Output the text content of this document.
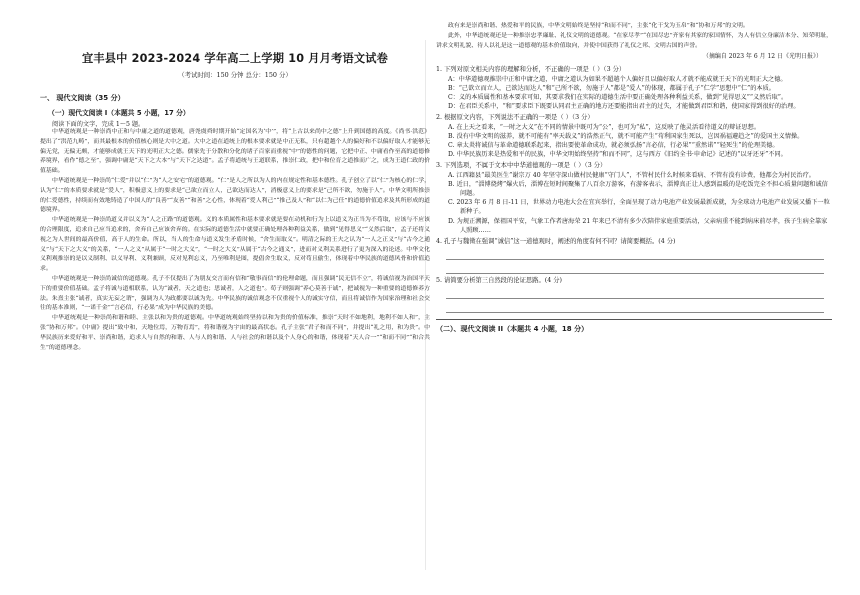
宜丰县中 2023-2024 学年高二上学期 10 月月考语文试卷
（考试时间：150 分钟 总分：150 分）
一、 现代文阅读（35 分）
（一）现代文阅读 I（本题共 5 小题，17 分）
阅读下面的文字，完成 1～5 题。

中华道统观是一种崇尚中正和与中庸之道的道德观，唐尧虞舜时期开始“定国名为‘中’”，将“上古以来尚中之德”上升到国德的高度。《尚书·洪范》提出了“洪范九畴”，而其最根本的价值核心则是大中之道。大中之道在道统上的根本要求就是中正无私，只有超越个人的偏好和不以偏好取人才能够无偏无党，无偏无颇，才能够成就王天下的光明正大之德。儒家先于分散和分化的诸子百家而重视“中”的德性的问题，它把中正、中庸看作至高的道德修养境界，看作“德之至”，强调中庸是“天下之大本”与“天下之达道”。孟子将道统与王道联系，推崇仁政，把中和位育之道推而广之，成为王道仁政的价值基础。

中华道统观是一种崇尚“仁爱”并以“仁”为“人之安宅”的道德观。“仁”是人之所以为人的内在规定性和基本德性。孔子创立了以“仁”为核心的仁学，认为“仁”的本质要求就是“爱人”，积极意义上的要求是“己欲立而立人，己欲达而达人”，消极意义上的要求是“己所不欲，勿施于人”。中华文明所推崇的仁爱德性，持续而有效地铸造了中国人的“良善”“友善”“和善”之心性，体现着“爱人利己”“推己及人”和“以仁为己任”的道德价值追求及其所形成的道德境界。

中华道统观是一种崇尚道义并以义为“人之正路”的道德观。义的本质属性和基本要求就是要在动机和行为上以道义为正当为不苟取，应该与不应该的合理限度，追求自己应当追求的，舍弃自己应该舍弃的。在实际的道德生活中就要正确处理各种利益关系，做到“见得思义”“义然后取”，孟子还将义视之为人世间的最高价值，高于人的生命。所以，当人的生命与道义发生矛盾时候，“舍生而取义”。明清之际的王夫之认为“一人之正义”与“古今之通义”与“天下之大义”的关系，“一人之义”从属于“一时之大义”，“一时之大义”从属于“古今之通义”，进而对义利关系进行了更为深入的论述。中华文化义利观推崇的是以义制利、以义导利、义利兼顾，反对见利忘义，乃至唯利是图，提倡舍生取义，反对苟且偷生，体现着中华民族的道德风骨和价值追求。

中华道统观是一种崇尚诚信的道德观。孔子不仅提出了为朋友交言而有信和“敬事而信”的伦理命题，而且强调“民无信不立”，将诚信视为治国平天下的重要价值基础。孟子将诚与道相联系，认为“诚者，天之道也；思诚者，人之道也”。荀子则强调“养心莫善于诚”，把诚视为一种重要的道德修养方法。朱熹主张“诚者，真实无妄之谓”，强调为人为政都要以诚为先。中华民族的诚信观念不仅重视个人的诚实守信，而且将诚信作为国家治理和社会交往的基本准则，“一诺千金”“言必信，行必果”成为中华民族的美德。

中华道统观是一种崇尚和谐和睦、主张以和为贵的道德观。中华道统观始终坚持以和为贵的价值标准，推崇“天时不如地利，地利不如人和”，主张“协和万邦”。《中庸》提出“致中和，天地位焉，万物育焉”，将和谐视为宇宙的最高状态。孔子主张“君子和而不同”，并提出“礼之用，和为贵”。中华民族历来爱好和平、崇尚和谐，追求人与自然的和谐、人与人的和谐、人与社会的和谐以及个人身心的和谐，体现着“天人合一”“和而不同”“和合共生”的道德理念。

政有来是崇尚和谐、热爱和平的民族，中华文明始终是坚持“和而不同”，主张“化干戈为玉帛”和“协和万邦”的文明。

此外，中华道统观还是一种推崇忠孝廉耻、礼仪文明的道德观。“在家尽孝”“在国尽忠”齐家有其家的家国情怀，为人有信立身廉洁本分、知荣明耻，讲求文明礼貌、待人以礼是这一道德观的基本价值取向，并使中国获得了礼仪之邦、文明古国的声誉。

（摘编自 2023 年 6 月 12 日《光明日报》）
1. 下列对原文相关内容的理解和分析，不正确的一项是（ ）（3 分）
A：中华道德观推崇中正和中庸之道，中庸之道认为如果不超越个人偏好且以偏好取人才就不能成就王天下的光明正大之德。
B：“己欲立而立人，己欲达而达人”和“己所不欲，勿施于人”都是“爱人”的体现，都属于孔子“仁学”思想中“仁”的本质。
C：义的本质属性和基本要求可知，其要求我们在实际的道德生活中要正确处理各种利益关系，做到“见得思义”“义然后取”。
D：在君臣关系中，“和”要求臣下既要认同君主正确的地方还要能指出君主的过失，才能做到君臣和谐，使国家得到很好的治理。
2. 根据原文内容，下列说法不正确的一项是（ ）（3 分）
A. 在上天之看来，“一时之大义”在不同的情景中既可为“公”，也可为“私”，这反映了他灵活看待道义的辩证思想。
B. 没有中华文明的滋养，就不可能有“率天载义”的浩然正气，就不可能产生“苟利国家生死以，岂因祸福避趋之”的爱国主义情操。
C. 章太炎将诚信与革命道德联系起来，指出要使革命成功，就必须弘扬“言必信，行必果”“重然诺”“轻死生”的伦理美德。
D. 中华民族历来是热爱和平的民族，中华文明始终坚持“和而不同”，这与西方《旧约全书·申命记》记述的“以牙还牙”不同。
3. 下列选项，不属于文本中中华道德观的一项是（ ）（3 分）
A. 江西籍县“最美医生”谢宗万 40 年坚守深山做村民健康“守门人”，不管村民什么时候来看病、不管有没有诊费，他都会为村民治疗。
B. 近日，“淄博烧烤”爆火后，淄博在短时间聚集了八百余万游客，有游客表示，淄博真正让人感到温暖的是吃饭完全不担心质量问题和诚信问题。
C. 2023 年 6 月 8 日-11 日，世界动力电池大会在宜宾举行，全面呈现了动力电池产业发展最新成就，为全球动力电池产业发展又播下一粒新种子。
D. 为规正溯源，保祖国平安，气象工作者唐海荣 21 年来已不清有多少次陪伴家庭重要活动，父亲病重不能到病床前尽孝，孩子生病全靠家人照顾……
4. 孔子与魏徵在强调“诚信”这一道德观时，阐述的角度有何不同？请简要概括。(4 分)
5. 请简要分析第三自然段的论证思路。(4 分)
（二）、现代文阅读 II（本题共 4 小题，18 分）
